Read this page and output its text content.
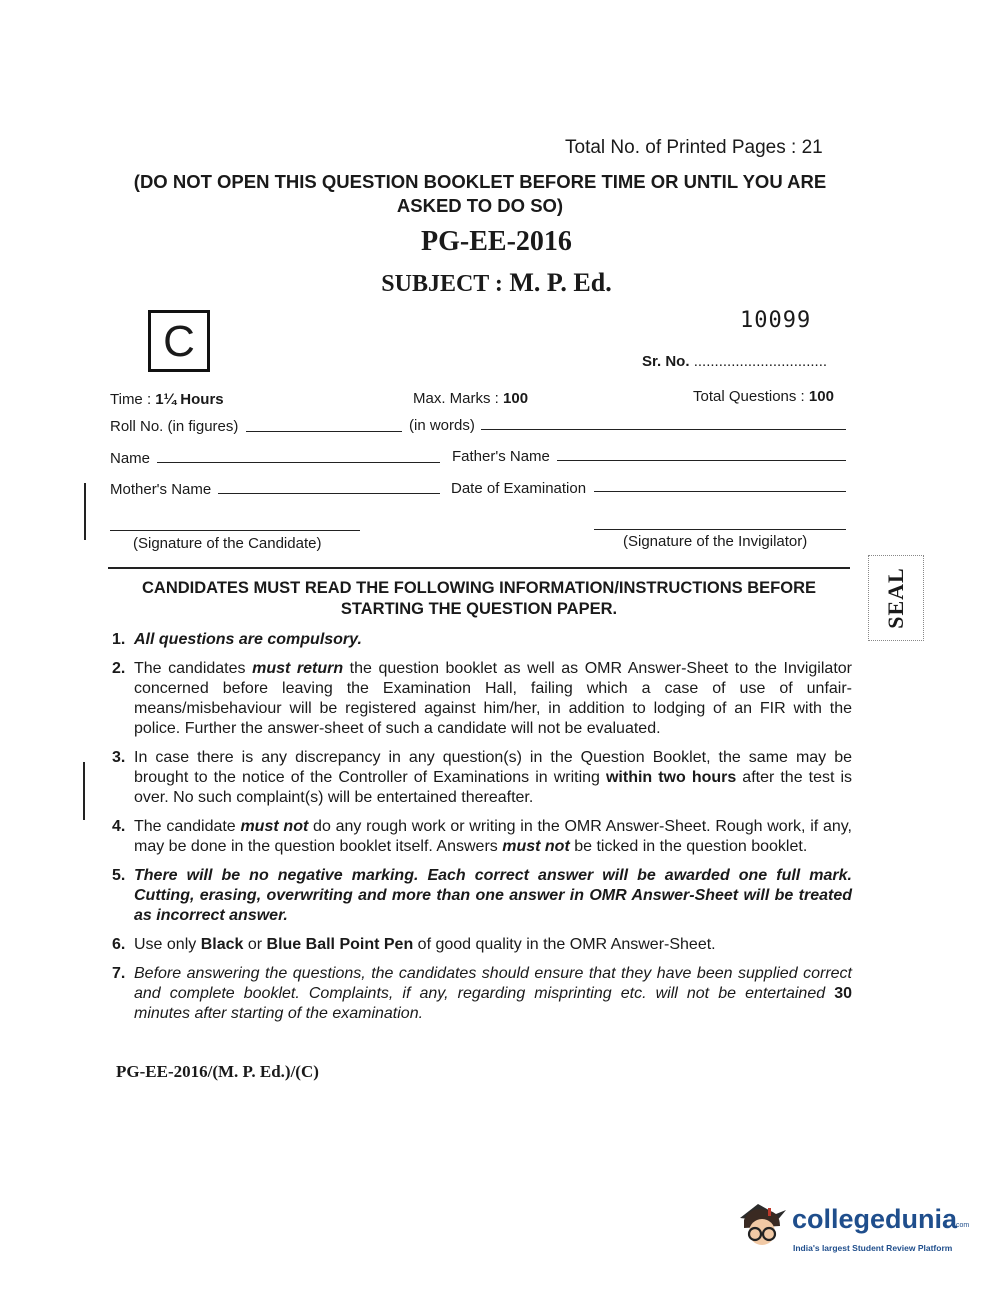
Total No. of Printed Pages : 21
(DO NOT OPEN THIS QUESTION BOOKLET BEFORE TIME OR UNTIL YOU ARE ASKED TO DO SO)
PG-EE-2016
SUBJECT : M. P. Ed.
C	10099
Sr. No. ................................
Time : 1¼ Hours	Max. Marks : 100	Total Questions : 100
Roll No. (in figures)	(in words)
Name	Father's Name
Mother's Name	Date of Examination
(Signature of the Candidate)	(Signature of the Invigilator)
SEAL
CANDIDATES MUST READ THE FOLLOWING INFORMATION/INSTRUCTIONS BEFORE STARTING THE QUESTION PAPER.
1. All questions are compulsory.
2. The candidates must return the question booklet as well as OMR Answer-Sheet to the Invigilator concerned before leaving the Examination Hall, failing which a case of use of unfair-means/misbehaviour will be registered against him/her, in addition to lodging of an FIR with the police. Further the answer-sheet of such a candidate will not be evaluated.
3. In case there is any discrepancy in any question(s) in the Question Booklet, the same may be brought to the notice of the Controller of Examinations in writing within two hours after the test is over. No such complaint(s) will be entertained thereafter.
4. The candidate must not do any rough work or writing in the OMR Answer-Sheet. Rough work, if any, may be done in the question booklet itself. Answers must not be ticked in the question booklet.
5. There will be no negative marking. Each correct answer will be awarded one full mark. Cutting, erasing, overwriting and more than one answer in OMR Answer-Sheet will be treated as incorrect answer.
6. Use only Black or Blue Ball Point Pen of good quality in the OMR Answer-Sheet.
7. Before answering the questions, the candidates should ensure that they have been supplied correct and complete booklet. Complaints, if any, regarding misprinting etc. will not be entertained 30 minutes after starting of the examination.
PG-EE-2016/(M. P. Ed.)/(C)
collegedunia
.com
India's largest Student Review Platform
